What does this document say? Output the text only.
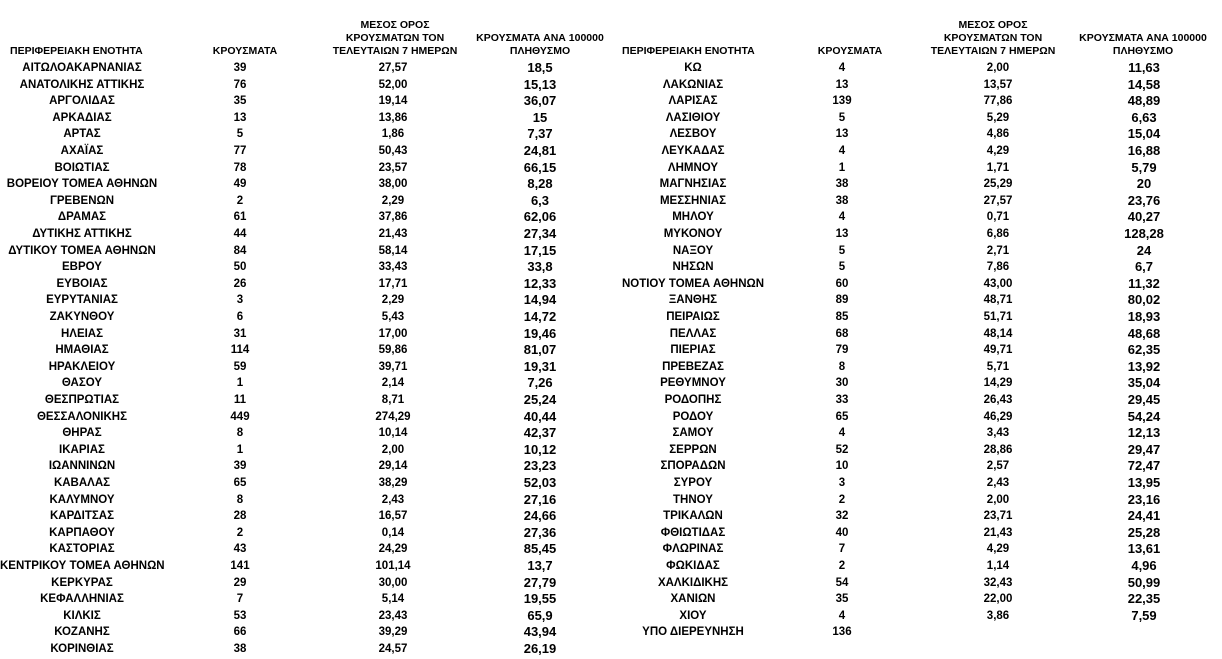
ΠΕΡΙΦΕΡΕΙΑΚΗ ΕΝΟΤΗΤΑ	ΚΡΟΥΣΜΑΤΑ
ΜΕΣΟΣ ΟΡΟΣ
ΚΡΟΥΣΜΑΤΩΝ ΤΟΝ
ΤΕΛΕΥΤΑΙΩΝ 7 ΗΜΕΡΩΝ
ΚΡΟΥΣΜΑΤΑ ΑΝΑ 100000
ΠΛΗΘΥΣΜΟ
ΑΙΤΩΛΟΑΚΑΡΝΑΝΙΑΣ	39	27,57	18,5
ΑΝΑΤΟΛΙΚΗΣ ΑΤΤΙΚΗΣ	76	52,00	15,13
ΑΡΓΟΛΙΔΑΣ	35	19,14	36,07
ΑΡΚΑΔΙΑΣ	13	13,86	15
ΑΡΤΑΣ	5	1,86	7,37
ΑΧΑΪΑΣ	77	50,43	24,81
ΒΟΙΩΤΙΑΣ	78	23,57	66,15
ΒΟΡΕΙΟΥ ΤΟΜΕΑ ΑΘΗΝΩΝ	49	38,00	8,28
ΓΡΕΒΕΝΩΝ	2	2,29	6,3
ΔΡΑΜΑΣ	61	37,86	62,06
ΔΥΤΙΚΗΣ ΑΤΤΙΚΗΣ	44	21,43	27,34
ΔΥΤΙΚΟΥ ΤΟΜΕΑ ΑΘΗΝΩΝ	84	58,14	17,15
ΕΒΡΟΥ	50	33,43	33,8
ΕΥΒΟΙΑΣ	26	17,71	12,33
ΕΥΡΥΤΑΝΙΑΣ	3	2,29	14,94
ΖΑΚΥΝΘΟΥ	6	5,43	14,72
ΗΛΕΙΑΣ	31	17,00	19,46
ΗΜΑΘΙΑΣ	114	59,86	81,07
ΗΡΑΚΛΕΙΟΥ	59	39,71	19,31
ΘΑΣΟΥ	1	2,14	7,26
ΘΕΣΠΡΩΤΙΑΣ	11	8,71	25,24
ΘΕΣΣΑΛΟΝΙΚΗΣ	449	274,29	40,44
ΘΗΡΑΣ	8	10,14	42,37
ΙΚΑΡΙΑΣ	1	2,00	10,12
ΙΩΑΝΝΙΝΩΝ	39	29,14	23,23
ΚΑΒΑΛΑΣ	65	38,29	52,03
ΚΑΛΥΜΝΟΥ	8	2,43	27,16
ΚΑΡΔΙΤΣΑΣ	28	16,57	24,66
ΚΑΡΠΑΘΟΥ	2	0,14	27,36
ΚΑΣΤΟΡΙΑΣ	43	24,29	85,45
ΚΕΝΤΡΙΚΟΥ ΤΟΜΕΑ ΑΘΗΝΩΝ	141	101,14	13,7
ΚΕΡΚΥΡΑΣ	29	30,00	27,79
ΚΕΦΑΛΛΗΝΙΑΣ	7	5,14	19,55
ΚΙΛΚΙΣ	53	23,43	65,9
ΚΟΖΑΝΗΣ	66	39,29	43,94
ΚΟΡΙΝΘΙΑΣ	38	24,57	26,19
ΠΕΡΙΦΕΡΕΙΑΚΗ ΕΝΟΤΗΤΑ	ΚΡΟΥΣΜΑΤΑ
ΜΕΣΟΣ ΟΡΟΣ
ΚΡΟΥΣΜΑΤΩΝ ΤΟΝ
ΤΕΛΕΥΤΑΙΩΝ 7 ΗΜΕΡΩΝ
ΚΡΟΥΣΜΑΤΑ ΑΝΑ 100000
ΠΛΗΘΥΣΜΟ
ΚΩ	4	2,00	11,63
ΛΑΚΩΝΙΑΣ	13	13,57	14,58
ΛΑΡΙΣΑΣ	139	77,86	48,89
ΛΑΣΙΘΙΟΥ	5	5,29	6,63
ΛΕΣΒΟΥ	13	4,86	15,04
ΛΕΥΚΑΔΑΣ	4	4,29	16,88
ΛΗΜΝΟΥ	1	1,71	5,79
ΜΑΓΝΗΣΙΑΣ	38	25,29	20
ΜΕΣΣΗΝΙΑΣ	38	27,57	23,76
ΜΗΛΟΥ	4	0,71	40,27
ΜΥΚΟΝΟΥ	13	6,86	128,28
ΝΑΞΟΥ	5	2,71	24
ΝΗΣΩΝ	5	7,86	6,7
ΝΟΤΙΟΥ ΤΟΜΕΑ ΑΘΗΝΩΝ	60	43,00	11,32
ΞΑΝΘΗΣ	89	48,71	80,02
ΠΕΙΡΑΙΩΣ	85	51,71	18,93
ΠΕΛΛΑΣ	68	48,14	48,68
ΠΙΕΡΙΑΣ	79	49,71	62,35
ΠΡΕΒΕΖΑΣ	8	5,71	13,92
ΡΕΘΥΜΝΟΥ	30	14,29	35,04
ΡΟΔΟΠΗΣ	33	26,43	29,45
ΡΟΔΟΥ	65	46,29	54,24
ΣΑΜΟΥ	4	3,43	12,13
ΣΕΡΡΩΝ	52	28,86	29,47
ΣΠΟΡΑΔΩΝ	10	2,57	72,47
ΣΥΡΟΥ	3	2,43	13,95
ΤΗΝΟΥ	2	2,00	23,16
ΤΡΙΚΑΛΩΝ	32	23,71	24,41
ΦΘΙΩΤΙΔΑΣ	40	21,43	25,28
ΦΛΩΡΙΝΑΣ	7	4,29	13,61
ΦΩΚΙΔΑΣ	2	1,14	4,96
ΧΑΛΚΙΔΙΚΗΣ	54	32,43	50,99
ΧΑΝΙΩΝ	35	22,00	22,35
ΧΙΟΥ	4	3,86	7,59
ΥΠΟ ΔΙΕΡΕΥΝΗΣΗ	136
